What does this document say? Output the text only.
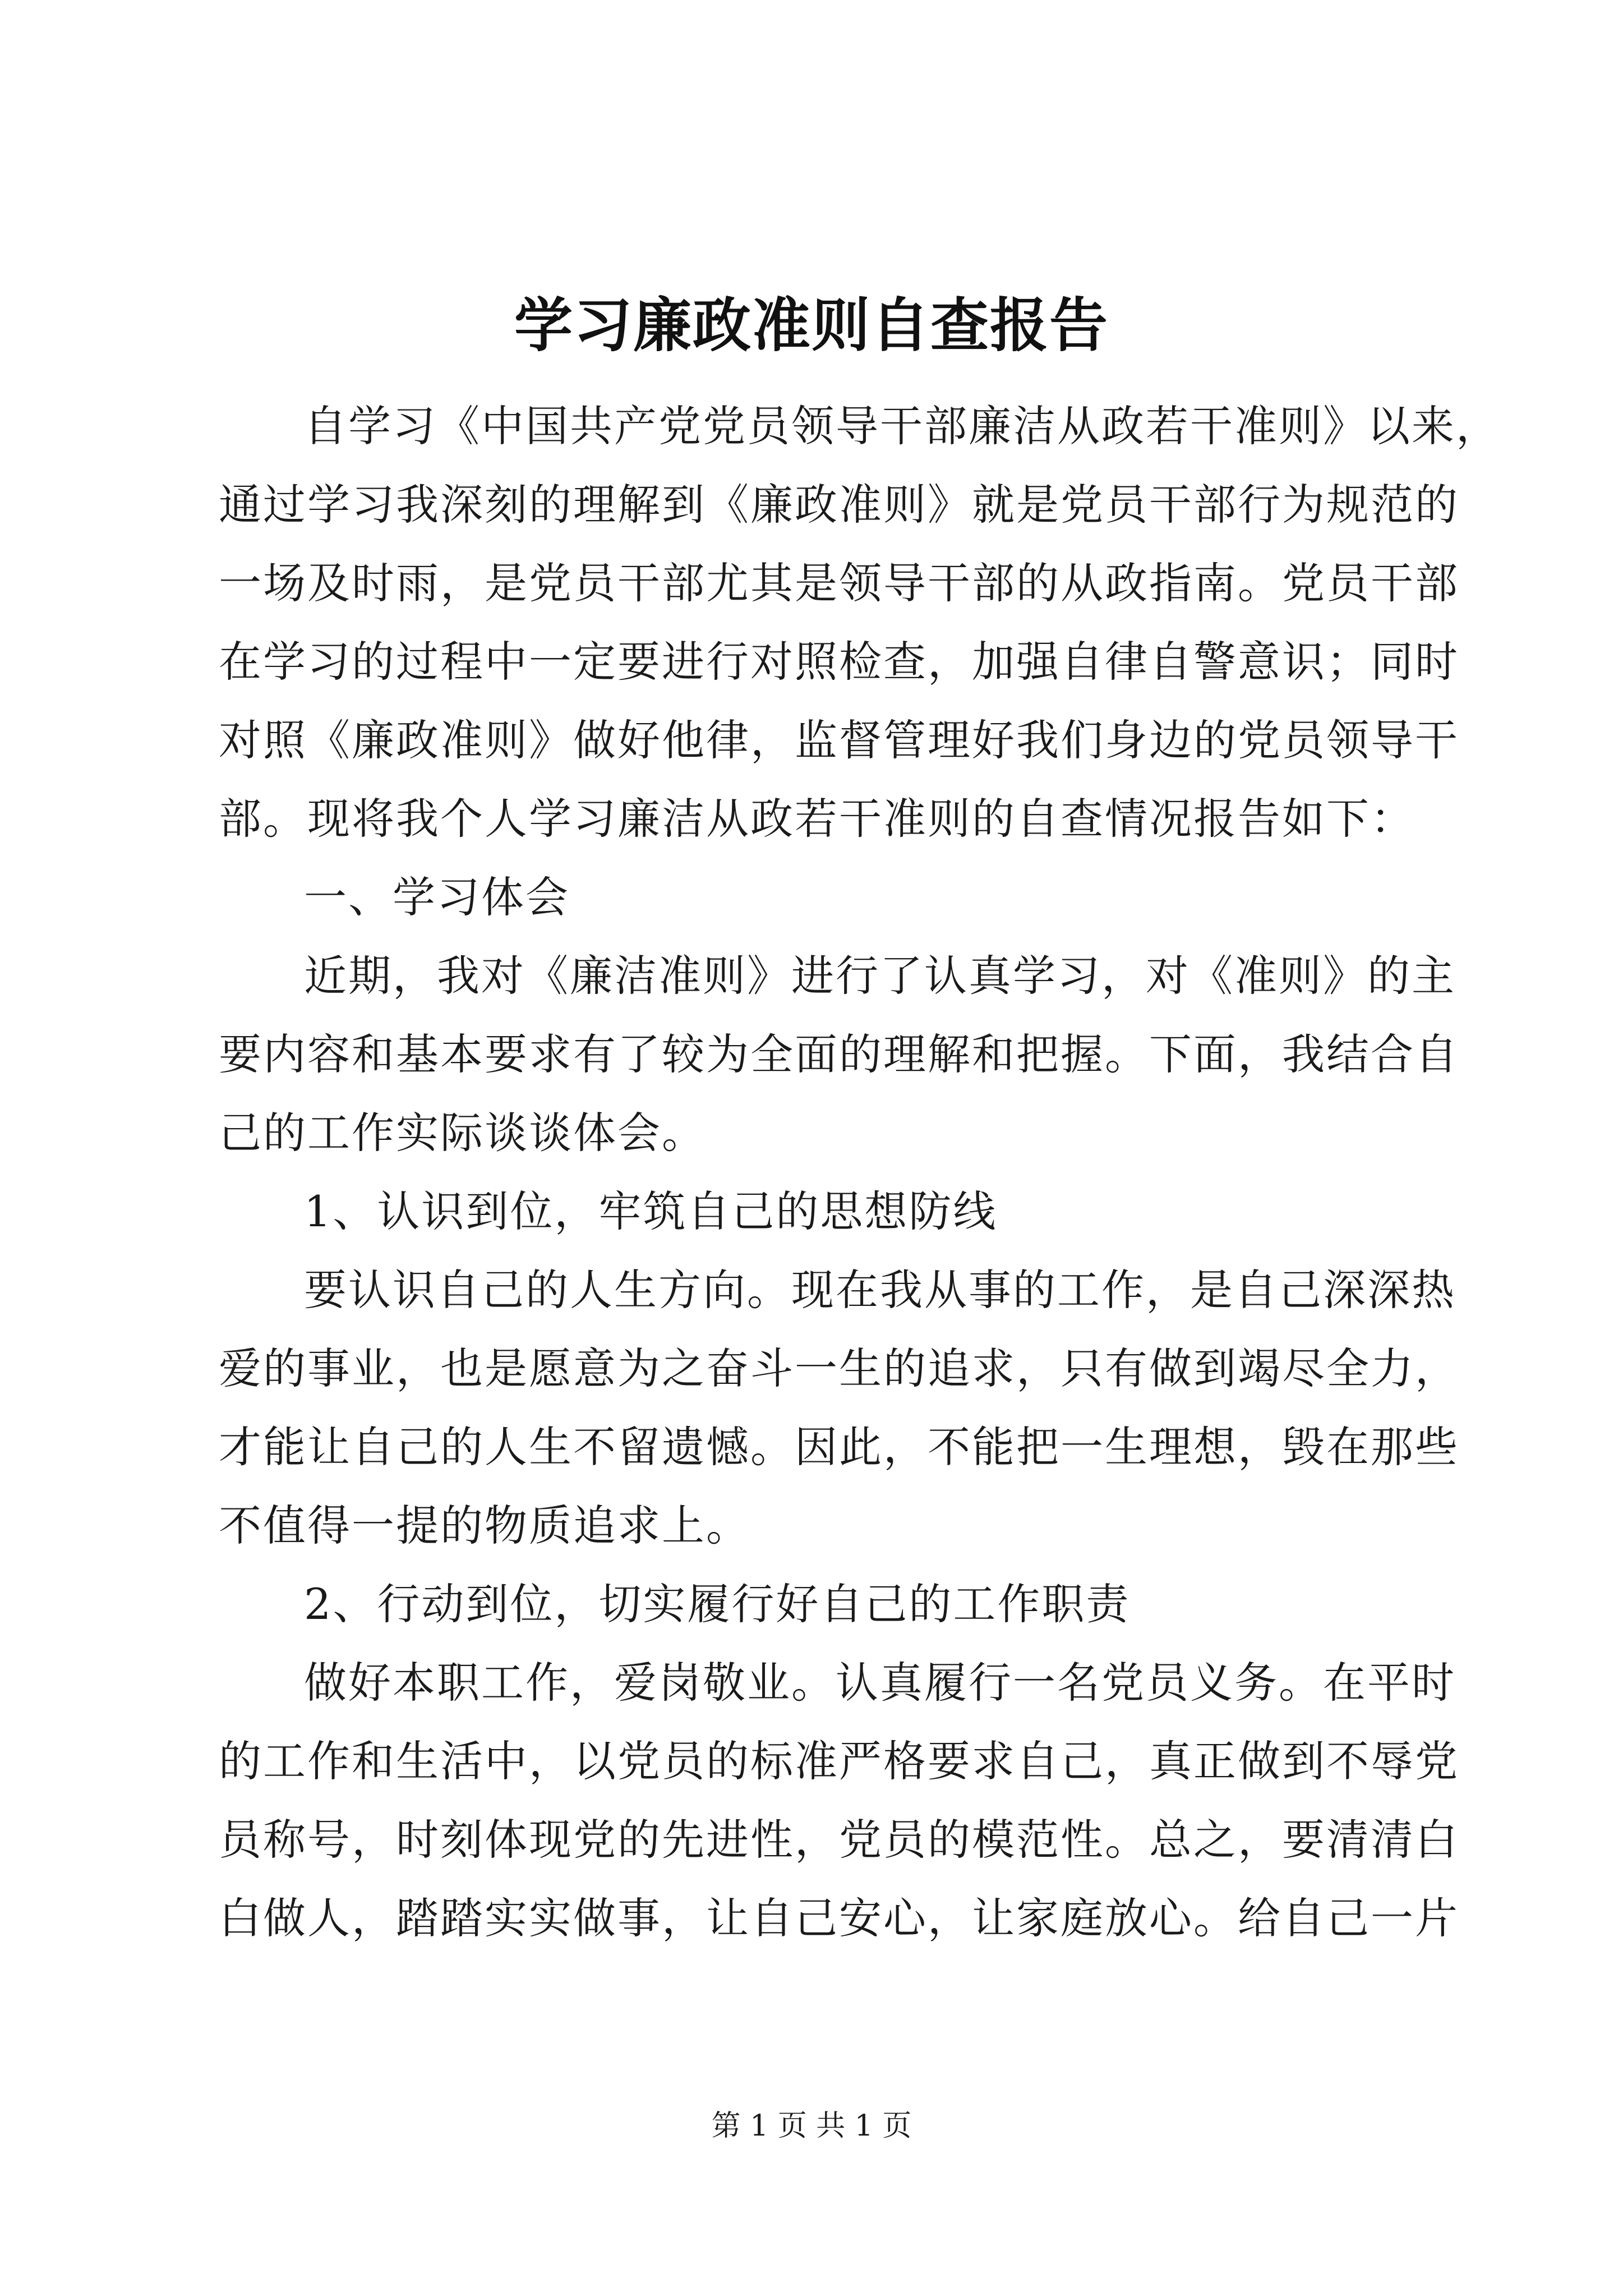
学习廉政准则自查报告
自学习《中国共产党党员领导干部廉洁从政若干准则》以来，
通过学习我深刻的理解到《廉政准则》就是党员干部行为规范的
一场及时雨，是党员干部尤其是领导干部的从政指南。党员干部
在学习的过程中一定要进行对照检查，加强自律自警意识；同时
对照《廉政准则》做好他律，监督管理好我们身边的党员领导干
部。现将我个人学习廉洁从政若干准则的自查情况报告如下：
一、学习体会
近期，我对《廉洁准则》进行了认真学习，对《准则》的主
要内容和基本要求有了较为全面的理解和把握。下面，我结合自
己的工作实际谈谈体会。
1、认识到位，牢筑自己的思想防线
要认识自己的人生方向。现在我从事的工作，是自己深深热
爱的事业，也是愿意为之奋斗一生的追求，只有做到竭尽全力，
才能让自己的人生不留遗憾。因此，不能把一生理想，毁在那些
不值得一提的物质追求上。
2、行动到位，切实履行好自己的工作职责
做好本职工作，爱岗敬业。认真履行一名党员义务。在平时
的工作和生活中，以党员的标准严格要求自己，真正做到不辱党
员称号，时刻体现党的先进性，党员的模范性。总之，要清清白
白做人，踏踏实实做事，让自己安心，让家庭放心。给自己一片
第 1 页 共 1 页
